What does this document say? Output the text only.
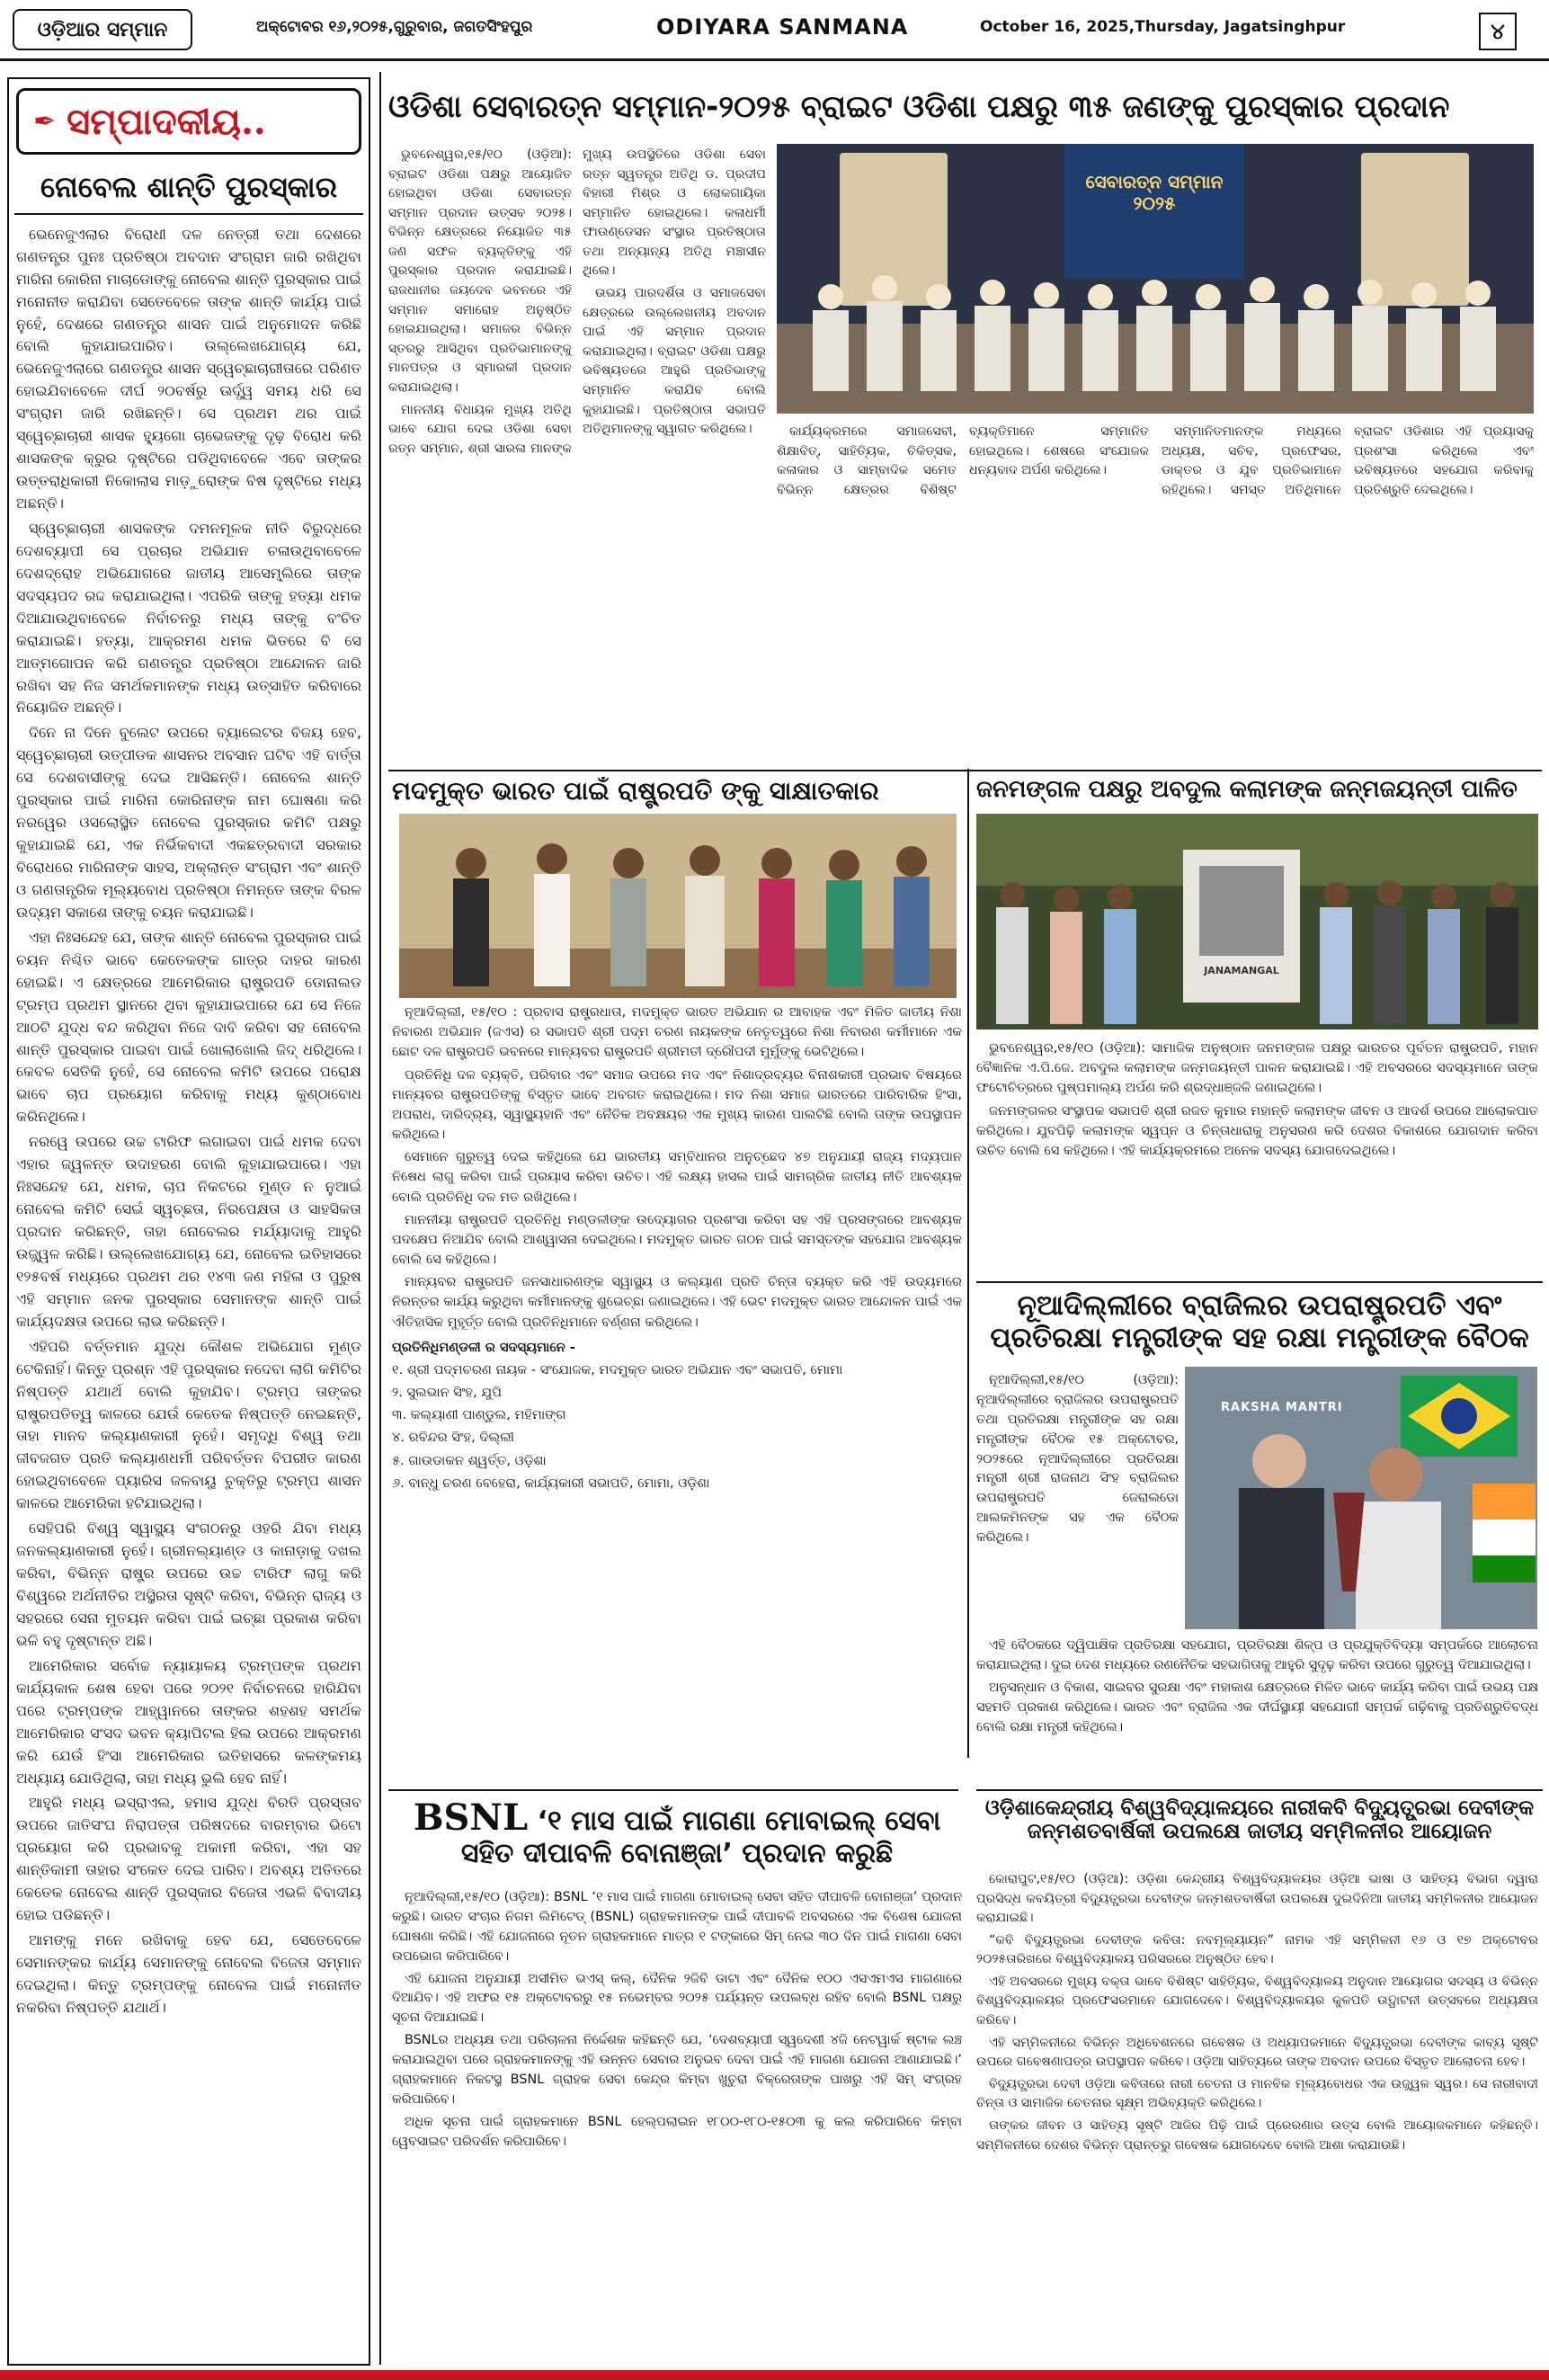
ଓଡ଼ିଆର ସମ୍ମାନ	ଅକ୍ଟୋବର ୧୬,୨୦୨୫,ଗୁରୁବାର, ଜଗତସିଂହପୁର	ODIYARA SANMANA	October 16, 2025,Thursday, Jagatsinghpur	୪
✒ ସମ୍ପାଦକୀୟ..
ନୋବେଲ ଶାନ୍ତି ପୁରସ୍କାର

ଭେନେଜୁଏଲାର ବିରୋଧୀ ଦଳ ନେତ୍ରୀ ତଥା ଦେଶରେ ଗଣତନ୍ତ୍ର ପୁନଃ ପ୍ରତିଷ୍ଠା ଅବଦାନ ସଂଗ୍ରାମ ଜାରି ରଖିଥିବା ମାରିନା କୋରିନା ମାଚାଡୋଙ୍କୁ ନୋବେଲ ଶାନ୍ତି ପୁରସ୍କାର ପାଇଁ ମନୋନୀତ କରାଯିବା ସେତେବେଳେ ତାଙ୍କ ଶାନ୍ତି କାର୍ଯ୍ୟ ପାଇଁ ନୁହେଁ, ଦେଶରେ ଗଣତନ୍ତ୍ର ଶାସନ ପାଇଁ ଅନୁମୋଦନ କରିଛି ବୋଲି କୁହାଯାଇପାରିବ। ଉଲ୍ଲେଖଯୋଗ୍ୟ ଯେ, ଭେନେଜୁଏଲାରେ ଗଣତନ୍ତ୍ର ଶାସନ ସ୍ୱେଚ୍ଛାଚାରୀତାରେ ପରିଣତ ହୋଇଯିବାବେଳେ ଦୀର୍ଘ ୨୦ବର୍ଷରୁ ଊର୍ଦ୍ଧ୍ୱ ସମୟ ଧରି ସେ ସଂଗ୍ରାମ ଜାରି ରଖିଛନ୍ତି। ସେ ପ୍ରଥମ ଥର ପାଇଁ ସ୍ୱେଚ୍ଛାଚାରୀ ଶାସକ ହ୍ୟୁଗୋ ଚାଭେଜଙ୍କୁ ଦୃଢ଼ ବିରୋଧ କରି ଶାସକଙ୍କ କ୍ରୁର ଦୃଷ୍ଟିରେ ପଡିଥିବାବେଳେ ଏବେ ତାଙ୍କର ଉତ୍ତରାଧିକାରୀ ନିକୋଲାସ ମାଡ଼ୁରୋଙ୍କ ବିଷ ଦୃଷ୍ଟିରେ ମଧ୍ୟ ଅଛନ୍ତି।

ସ୍ୱେଚ୍ଛାଚାରୀ ଶାସକଙ୍କ ଦମନମୂଳକ ନୀତି ବିରୁଦ୍ଧରେ ଦେଶବ୍ୟାପୀ ସେ ପ୍ରଚାର ଅଭିଯାନ ଚଳାଉଥିବାବେଳେ ଦେଶଦ୍ରୋହ ଅଭିଯୋଗରେ ଜାତୀୟ ଆସେମ୍ବ୍ଲିରେ ତାଙ୍କ ସଦସ୍ୟପଦ ରଦ୍ଦ କରାଯାଇଥିଲା। ଏପରିକି ତାଙ୍କୁ ହତ୍ୟା ଧମକ ଦିଆଯାଉଥିବାବେଳେ ନିର୍ବାଚନରୁ ମଧ୍ୟ ତାଙ୍କୁ ବଂଚିତ କରାଯାଇଛି। ହତ୍ୟା, ଆକ୍ରମଣ ଧମକ ଭିତରେ ବି ସେ ଆତ୍ମଗୋପନ କରି ଗଣତନ୍ତ୍ର ପ୍ରତିଷ୍ଠା ଆନ୍ଦୋଳନ ଜାରି ରଖିବା ସହ ନିଜ ସମର୍ଥକମାନଙ୍କ ମଧ୍ୟ ଉତ୍ସାହିତ କରିବାରେ ନିୟୋଜିତ ଅଛନ୍ତି।

ଦିନେ ନା ଦିନେ ବୁଲେଟ ଉପରେ ବ୍ୟାଲେଟର ବିଜୟ ହେବ, ସ୍ୱେଚ୍ଛାଚାରୀ ଉତ୍ପୀଡକ ଶାସନର ଅବସାନ ଘଟିବ ଏହି ବାର୍ତ୍ତା ସେ ଦେଶବାସୀଙ୍କୁ ଦେଇ ଆସିଛନ୍ତି। ନୋବେଲ ଶାନ୍ତି ପୁରସ୍କାର ପାଇଁ ମାରିନା କୋରିନାଙ୍କ ନାମ ଘୋଷଣା କରି ନରୱେର ଓସଲୋସ୍ଥିତ ନୋବେଲ ପୁରସ୍କାର କମିଟି ପକ୍ଷରୁ କୁହାଯାଇଛି ଯେ, ଏକ ନିର୍ଭିକବାଦୀ ଏକଛତ୍ରବାଦୀ ସରକାର ବିରୋଧରେ ମାରିନାଙ୍କ ସାହସ, ଅକ୍ଲାନ୍ତ ସଂଗ୍ରାମ ଏବଂ ଶାନ୍ତି ଓ ଗଣତାନ୍ତ୍ରିକ ମୂଲ୍ୟବୋଧ ପ୍ରତିଷ୍ଠା ନିମନ୍ତେ ତାଙ୍କ ବିରଳ ଉଦ୍ୟମ ସକାଶେ ତାଙ୍କୁ ଚୟନ କରାଯାଇଛି।

ଏହା ନିଃସନ୍ଦେହ ଯେ, ତାଙ୍କ ଶାନ୍ତି ନୋବେଲ ପୁରସ୍କାର ପାଇଁ ଚୟନ ନିଶ୍ଚିତ ଭାବେ କେତେକଙ୍କ ଗାତ୍ର ଦାହର କାରଣ ହୋଇଛି। ଏ କ୍ଷେତ୍ରରେ ଆମେରିକାର ରାଷ୍ଟ୍ରପତି ଡୋନାଲଡ ଟ୍ରମ୍ପ ପ୍ରଥମ ସ୍ଥାନରେ ଥିବା କୁହାଯାଇପାରେ ଯେ ସେ ନିଜେ ଆଠଟି ଯୁଦ୍ଧ ବନ୍ଦ କରିଥିବା ନିଜେ ଦାବି କରିବା ସହ ନୋବେଲ ଶାନ୍ତି ପୁରସ୍କାର ପାଇବା ପାଇଁ ଖୋଲାଖୋଲି ଜିଦ୍ ଧରିଥିଲେ। କେବଳ ସେତିକି ନୁହେଁ, ସେ ନୋବେଲ କମିଟି ଉପରେ ପରୋକ୍ଷ ଭାବେ ଚାପ ପ୍ରୟୋଗ କରିବାକୁ ମଧ୍ୟ କୁଣ୍ଠାବୋଧ କରିନଥିଲେ।

ନରୱେ ଉପରେ ଉଚ୍ଚ ଟାରିଫ ଲଗାଇବା ପାଇଁ ଧମକ ଦେବା ଏହାର ଜ୍ୱଳନ୍ତ ଉଦାହରଣ ବୋଲି କୁହାଯାଇପାରେ। ଏହା ନିଃସନ୍ଦେହ ଯେ, ଧମକ, ଚାପ ନିକଟରେ ମୁଣ୍ଡ ନ ନୁଆଇଁ ନୋବେଲ କମିଟି ସେଇଁ ସ୍ୱଚ୍ଛତା, ନିରପେକ୍ଷତା ଓ ସାହସିକତା ପ୍ରଦାନ କରିଛନ୍ତି, ତାହା ନୋବେଲର ମର୍ଯ୍ୟାଦାକୁ ଆହୁରି ଉଜ୍ଜ୍ୱଳ କରିଛି। ଉଲ୍ଲେଖଯୋଗ୍ୟ ଯେ, ନୋବେଲ ଇତିହାସରେ ୧୨୫ବର୍ଷ ମଧ୍ୟରେ ପ୍ରଥମ ଥର ୧୪୩ ଜଣ ମହିଳା ଓ ପୁରୁଷ ଏହି ସମ୍ମାନ ଜନକ ପୁରସ୍କାର ସେମାନଙ୍କ ଶାନ୍ତି ପାଇଁ କାର୍ଯ୍ୟଦକ୍ଷତା ଉପରେ ଲାଭ କରିଛନ୍ତି।

ଏହିପରି ବର୍ତ୍ତମାନ ଯୁଦ୍ଧ କୌଶଳ ଅଭିଯୋଗ ମୁଣ୍ଡ ଟେକିନାହିଁ। କିନ୍ତୁ ପ୍ରଶ୍ନ ଏହି ପୁରସ୍କାର ନଦେବା ଲାଗି କମିଟିର ନିଷ୍ପତ୍ତି ଯଥାର୍ଥ ବୋଲି କୁହାଯିବ। ଟ୍ରମ୍ପ ତାଙ୍କର ରାଷ୍ଟ୍ରପତିତ୍ୱ କାଳରେ ଯେଉଁ କେତେକ ନିଷ୍ପତ୍ତି ନେଇଛନ୍ତି, ତାହା ମାନବ କଲ୍ୟାଣକାରୀ ନୁହେଁ। ସମୃଦ୍ଧି ବିଶ୍ୱ ତଥା ଜୀବଜଗତ ପ୍ରତି କଲ୍ୟାଣଧର୍ମୀ ପରିବର୍ତ୍ତନ ବିପରୀତ କାରଣ ହୋଇଥିବାବେଳେ ପ୍ୟାରିସ ଜଳବାୟୁ ଚୁକ୍ତିରୁ ଟ୍ରମ୍ପ ଶାସନ କାଳରେ ଆମେରିକା ହଟିଯାଇଥିଲା।

ସେହିପରି ବିଶ୍ୱ ସ୍ୱାସ୍ଥ୍ୟ ସଂଗଠନରୁ ଓହରି ଯିବା ମଧ୍ୟ ଜନକଲ୍ୟାଣକାରୀ ନୁହେଁ। ଗ୍ରୀନଲ୍ୟାଣ୍ଡ ଓ କାନାଡ଼ାକୁ ଦଖଲ କରିବା, ବିଭିନ୍ନ ରାଷ୍ଟ୍ର ଉପରେ ଉଚ୍ଚ ଟାରିଫ ଲାଗୁ କରି ବିଶ୍ୱରେ ଅର୍ଥନୀତିର ଅସ୍ଥିରତା ସୃଷ୍ଟି କରିବା, ବିଭିନ୍ନ ରାଜ୍ୟ ଓ ସହରରେ ସେନା ମୁତୟନ କରିବା ପାଇଁ ଇଚ୍ଛା ପ୍ରକାଶ କରିବା ଭଳି ବହୁ ଦୃଷ୍ଟାନ୍ତ ଅଛି।

ଆମେରିକାର ସର୍ବୋଚ୍ଚ ନ୍ୟାୟାଳୟ ଟ୍ରମ୍ପଙ୍କ ପ୍ରଥମ କାର୍ଯ୍ୟକାଳ ଶେଷ ହେବା ପରେ ୨୦୨୧ ନିର୍ବାଚନରେ ହାରିଯିବା ପରେ ଟ୍ରମ୍ପଙ୍କ ଆହ୍ୱାନରେ ତାଙ୍କର ଶହଶହ ସମର୍ଥକ ଆମେରିକାର ସଂସଦ ଭବନ କ୍ୟାପିଟଲ ହିଲ ଉପରେ ଆକ୍ରମଣ କରି ଯେଉଁ ହିଂସା ଆମେରିକାର ଇତିହାସରେ କଳଙ୍କମୟ ଅଧ୍ୟାୟ ଯୋଡିଥିଲା, ତାହା ମଧ୍ୟ ଭୁଲି ହେବ ନାହିଁ।

ଆହୁରି ମଧ୍ୟ ଇସ୍ରାଏଲ, ହମାସ ଯୁଦ୍ଧ ବିରତି ପ୍ରସ୍ତାବ ଉପରେ ଜାତିସଂଘ ନିରାପତ୍ତା ପରିଷଦରେ ବାରମ୍ବାର ଭିଟୋ ପ୍ରୟୋଗ କରି ପ୍ରଭାବକୁ ଅକାମୀ କରିବା, ଏହା ସହ ଶାନ୍ତିକାମୀ ତାହାର ସଂକେତ ଦେଇ ପାରିବ। ଅବଶ୍ୟ ଅତିତରେ କେତେକ ନୋବେଲ ଶାନ୍ତି ପୁରସ୍କାର ବିଜେତା ଏଭଳି ବିବାଦୀୟ ହୋଇ ପଡିଛନ୍ତି।

ଆମଙ୍କୁ ମନେ ରଖିବାକୁ ହେବ ଯେ, ସେତେବେଳେ ସେମାନଙ୍କର କାର୍ଯ୍ୟ ସେମାନଙ୍କୁ ନୋବେଲ ବିଜେତା ସମ୍ମାନ ଦେଇଥିଲା। କିନ୍ତୁ ଟ୍ରମ୍ପଙ୍କୁ ନୋବେଲ ପାଇଁ ମନୋନୀତ ନକରିବା ନିଷ୍ପତ୍ତି ଯଥାର୍ଥ।

ଓଡିଶା ସେବାରତ୍ନ ସମ୍ମାନ-୨୦୨୫ ବ୍ରାଇଟ ଓଡିଶା ପକ୍ଷରୁ ୩୫ ଜଣଙ୍କୁ ପୁରସ୍କାର ପ୍ରଦାନ

ଭୁବନେଶ୍ୱର,୧୫/୧୦ (ଓଡ଼ିଆ): ବ୍ରାଇଟ ଓଡିଶା ପକ୍ଷରୁ ଆୟୋଜିତ ହୋଇଥିବା ଓଡିଶା ସେବାରତ୍ନ ସମ୍ମାନ ପ୍ରଦାନ ଉତ୍ସବ ୨୦୨୫। ବିଭିନ୍ନ କ୍ଷେତ୍ରରେ ନିୟୋଜିତ ୩୫ ଜଣ ସଫଳ ବ୍ୟକ୍ତିଙ୍କୁ ଏହି ପୁରସ୍କାର ପ୍ରଦାନ କରାଯାଇଛି। ରାଜଧାନୀର ଜୟଦେବ ଭବନରେ ଏହି ସମ୍ମାନ ସମାରୋହ ଅନୁଷ୍ଠିତ ହୋଇଯାଇଥିଲା। ସମାଜର ବିଭିନ୍ନ ସ୍ତରରୁ ଆସିଥିବା ପ୍ରତିଭାମାନଙ୍କୁ ମାନପତ୍ର ଓ ସ୍ମାରକୀ ପ୍ରଦାନ କରାଯାଇଥିଲା।

ମାନନୀୟ ବିଧାୟକ ମୁଖ୍ୟ ଅତିଥି ଭାବେ ଯୋଗ ଦେଇ ଓଡିଶା ସେବା ରତ୍ନ ସମ୍ମାନ, ଶ୍ରୀ ସାରଳା ମାନଙ୍କ ମୁଖ୍ୟ ଉପସ୍ଥିତିରେ ଓଡିଶା ସେବା ରତ୍ନ ସ୍ୱତନ୍ତ୍ର ଅତିଥି ଡ. ପ୍ରଦୀପ ବିହାରୀ ମିଶ୍ର ଓ ଲୋକଗାୟିକା ସମ୍ମାନିତ ହୋଇଥିଲେ। କଳାଧର୍ମୀ ଫାଉଣ୍ଡେସନ ସଂସ୍ଥାର ପ୍ରତିଷ୍ଠାତା ତଥା ଅନ୍ୟାନ୍ୟ ଅତିଥି ମଞ୍ଚାସୀନ ଥିଲେ।

ଉଭୟ ପାରଦର୍ଶିତା ଓ ସମାଜସେବା କ୍ଷେତ୍ରରେ ଉଲ୍ଲେଖନୀୟ ଅବଦାନ ପାଇଁ ଏହି ସମ୍ମାନ ପ୍ରଦାନ କରାଯାଇଥିଲା। ବ୍ରାଇଟ ଓଡିଶା ପକ୍ଷରୁ ଭବିଷ୍ୟତରେ ଆହୁରି ପ୍ରତିଭାଙ୍କୁ ସମ୍ମାନିତ କରାଯିବ ବୋଲି କୁହାଯାଇଛି। ପ୍ରତିଷ୍ଠାତା ସଭାପତି ଅତିଥିମାନଙ୍କୁ ସ୍ୱାଗତ କରିଥିଲେ।

ସେବାରତ୍ନ ସମ୍ମାନ ୨୦୨୫

କାର୍ଯ୍ୟକ୍ରମରେ ସମାଜସେବୀ, ଶିକ୍ଷାବିତ୍, ସାହିତ୍ୟିକ, ଚିକିତ୍ସକ, କଳାକାର ଓ ସାମ୍ବାଦିକ ସମେତ ବିଭିନ୍ନ କ୍ଷେତ୍ରର ବିଶିଷ୍ଟ ବ୍ୟକ୍ତିମାନେ ସମ୍ମାନିତ ହୋଇଥିଲେ। ଶେଷରେ ସଂଯୋଜକ ଧନ୍ୟବାଦ ଅର୍ପଣ କରିଥିଲେ।

ସମ୍ମାନିତମାନଙ୍କ ମଧ୍ୟରେ ଅଧ୍ୟକ୍ଷ, ସଚିବ, ପ୍ରଫେସର, ଡାକ୍ତର ଓ ଯୁବ ପ୍ରତିଭାମାନେ ରହିଥିଲେ। ସମସ୍ତ ଅତିଥିମାନେ ବ୍ରାଇଟ ଓଡିଶାର ଏହି ପ୍ରୟାସକୁ ପ୍ରଶଂସା କରିଥିଲେ ଏବଂ ଭବିଷ୍ୟତରେ ସହଯୋଗ କରିବାକୁ ପ୍ରତିଶ୍ରୁତି ଦେଇଥିଲେ।

ମଦମୁକ୍ତ ଭାରତ ପାଇଁ ରାଷ୍ଟ୍ରପତି ଙ୍କୁ ସାକ୍ଷାତକାର

ନୂଆଦିଲ୍ଲୀ, ୧୫/୧୦ : ପ୍ରବାସ ରାଷ୍ଟ୍ରଧାତା, ମଦମୁକ୍ତ ଭାରତ ଅଭିଯାନ ର ଆବାହକ ଏବଂ ମିଳିତ ଜାତୀୟ ନିଶା ନିବାରଣ ଅଭିଯାନ (ଜଏସ) ର ସଭାପତି ଶ୍ରୀ ପଦ୍ମ ଚରଣ ନାୟକଙ୍କ ନେତୃତ୍ୱରେ ନିଶା ନିବାରଣ କର୍ମୀମାନେ ଏକ ଛୋଟ ଦଳ ରାଷ୍ଟ୍ରପତି ଭବନରେ ମାନ୍ୟବର ରାଷ୍ଟ୍ରପତି ଶ୍ରୀମତୀ ଦ୍ରୌପଦୀ ମୁର୍ମୁଙ୍କୁ ଭେଟିଥିଲେ।

ପ୍ରତିନିଧି ଦଳ ବ୍ୟକ୍ତି, ପରିବାର ଏବଂ ସମାଜ ଉପରେ ମଦ ଏବଂ ନିଶାଦ୍ରବ୍ୟର ବିନାଶକାରୀ ପ୍ରଭାବ ବିଷୟରେ ମାନ୍ୟବର ରାଷ୍ଟ୍ରପତିଙ୍କୁ ବିସ୍ତୃତ ଭାବେ ଅବଗତ କରାଇଥିଲେ। ମଦ ନିଶା ସମାଜ ଭାରତରେ ପାରିବାରିକ ହିଂସା, ଅପରାଧ, ଦାରିଦ୍ର୍ୟ, ସ୍ୱାସ୍ଥ୍ୟହାନି ଏବଂ ନୈତିକ ଅବକ୍ଷୟର ଏକ ମୁଖ୍ୟ କାରଣ ପାଲଟିଛି ବୋଲି ତାଙ୍କ ଉପସ୍ଥାପନ କରିଥିଲେ।

ସେମାନେ ଗୁରୁତ୍ୱ ଦେଇ କହିଥିଲେ ଯେ ଭାରତୀୟ ସମ୍ବିଧାନର ଅନୁଚ୍ଛେଦ ୪୭ ଅନୁଯାୟୀ ରାଜ୍ୟ ମଦ୍ୟପାନ ନିଷେଧ ଲାଗୁ କରିବା ପାଇଁ ପ୍ରୟାସ କରିବା ଉଚିତ। ଏହି ଲକ୍ଷ୍ୟ ହାସଲ ପାଇଁ ସାମଗ୍ରିକ ଜାତୀୟ ନୀତି ଆବଶ୍ୟକ ବୋଲି ପ୍ରତିନିଧି ଦଳ ମତ ରଖିଥିଲେ।

ମାନନୀୟା ରାଷ୍ଟ୍ରପତି ପ୍ରତିନିଧି ମଣ୍ଡଳୀଙ୍କ ଉଦ୍ୟୋଗର ପ୍ରଶଂସା କରିବା ସହ ଏହି ପ୍ରସଙ୍ଗରେ ଆବଶ୍ୟକ ପଦକ୍ଷେପ ନିଆଯିବ ବୋଲି ଆଶ୍ୱାସନା ଦେଇଥିଲେ। ମଦମୁକ୍ତ ଭାରତ ଗଠନ ପାଇଁ ସମସ୍ତଙ୍କ ସହଯୋଗ ଆବଶ୍ୟକ ବୋଲି ସେ କହିଥିଲେ।

ମାନ୍ୟବର ରାଷ୍ଟ୍ରପତି ଜନସାଧାରଣଙ୍କ ସ୍ୱାସ୍ଥ୍ୟ ଓ କଲ୍ୟାଣ ପ୍ରତି ଚିନ୍ତା ବ୍ୟକ୍ତ କରି ଏହି ଉଦ୍ୟମରେ ନିରନ୍ତର କାର୍ଯ୍ୟ କରୁଥିବା କର୍ମୀମାନଙ୍କୁ ଶୁଭେଚ୍ଛା ଜଣାଇଥିଲେ। ଏହି ଭେଟ ମଦମୁକ୍ତ ଭାରତ ଆନ୍ଦୋଳନ ପାଇଁ ଏକ ଐତିହାସିକ ମୁହୂର୍ତ୍ତ ବୋଲି ପ୍ରତିନିଧିମାନେ ବର୍ଣ୍ଣନା କରିଥିଲେ।

ପ୍ରତିନିଧିମଣ୍ଡଳୀ ର ସଦସ୍ୟମାନେ -

୧. ଶ୍ରୀ ପଦ୍ମଚରଣ ନାୟକ - ସଂଯୋଜକ, ମଦମୁକ୍ତ ଭାରତ ଅଭିଯାନ ଏବଂ ସଭାପତି, ମୋମା

୨. ସୁଲଭାନ ସିଂହ, ଯୁପି

୩. କଲ୍ୟାଣୀ ପାଣ୍ଡୁଲ, ମହିମାଙ୍ଗ

୪. ରବିନ୍ଦର ସିଂହ, ଦିଲ୍ଲୀ

୫. ଗାଉଡାକନ ଶ୍ୱର୍ତ୍ତ, ଓଡ଼ିଶା

୬. ବାନ୍ଧୁ ଚରଣ ବେହେରା, କାର୍ଯ୍ୟକାରୀ ସଭାପତି, ମୋମା, ଓଡ଼ିଶା

ଜନମଙ୍ଗଳ ପକ୍ଷରୁ ଅବଦୁଲ କଲାମଙ୍କ ଜନ୍ମଜୟନ୍ତୀ ପାଳିତ
JANAMANGAL

ଭୁବନେଶ୍ୱର,୧୫/୧୦ (ଓଡ଼ିଆ): ସାମାଜିକ ଅନୁଷ୍ଠାନ ଜନମଙ୍ଗଳ ପକ୍ଷରୁ ଭାରତର ପୂର୍ବତନ ରାଷ୍ଟ୍ରପତି, ମହାନ ବୈଜ୍ଞାନିକ ଏ.ପି.ଜେ. ଅବଦୁଲ କଲାମଙ୍କ ଜନ୍ମଜୟନ୍ତୀ ପାଳନ କରାଯାଇଛି। ଏହି ଅବସରରେ ସଦସ୍ୟମାନେ ତାଙ୍କ ଫଟୋଚିତ୍ରରେ ପୁଷ୍ପମାଲ୍ୟ ଅର୍ପଣ କରି ଶ୍ରଦ୍ଧାଞ୍ଜଳି ଜଣାଇଥିଲେ।

ଜନମଙ୍ଗଳର ସଂସ୍ଥାପକ ସଭାପତି ଶ୍ରୀ ରଜତ କୁମାର ମହାନ୍ତି କଲାମଙ୍କ ଜୀବନ ଓ ଆଦର୍ଶ ଉପରେ ଆଲୋକପାତ କରିଥିଲେ। ଯୁବପିଢ଼ି କଲାମଙ୍କ ସ୍ୱପ୍ନ ଓ ଚିନ୍ତାଧାରାକୁ ଅନୁସରଣ କରି ଦେଶର ବିକାଶରେ ଯୋଗଦାନ କରିବା ଉଚିତ ବୋଲି ସେ କହିଥିଲେ। ଏହି କାର୍ଯ୍ୟକ୍ରମରେ ଅନେକ ସଦସ୍ୟ ଯୋଗଦେଇଥିଲେ।

ନୂଆଦିଲ୍ଲୀରେ ବ୍ରାଜିଲର ଉପରାଷ୍ଟ୍ରପତି ଏବଂ ପ୍ରତିରକ୍ଷା ମନ୍ତ୍ରୀଙ୍କ ସହ ରକ୍ଷା ମନ୍ତ୍ରୀଙ୍କ ବୈଠକ

ନୂଆଦିଲ୍ଲୀ,୧୫/୧୦ (ଓଡ଼ିଆ): ନୂଆଦିଲ୍ଲୀରେ ବ୍ରାଜିଲର ଉପରାଷ୍ଟ୍ରପତି ତଥା ପ୍ରତିରକ୍ଷା ମନ୍ତ୍ରୀଙ୍କ ସହ ରକ୍ଷା ମନ୍ତ୍ରୀଙ୍କ ବୈଠକ ୧୫ ଅକ୍ଟୋବର, ୨୦୨୫ରେ ନୂଆଦିଲ୍ଲୀରେ ପ୍ରତିରକ୍ଷା ମନ୍ତ୍ରୀ ଶ୍ରୀ ରାଜନାଥ ସିଂହ ବ୍ରାଜିଲର ଉପରାଷ୍ଟ୍ରପତି ଜେରାଲଡୋ ଆଲକମିନଙ୍କ ସହ ଏକ ବୈଠକ କରିଥିଲେ।

RAKSHA MANTRI

ଏହି ବୈଠକରେ ଦ୍ୱିପାକ୍ଷିକ ପ୍ରତିରକ୍ଷା ସହଯୋଗ, ପ୍ରତିରକ୍ଷା ଶିଳ୍ପ ଓ ପ୍ରଯୁକ୍ତିବିଦ୍ୟା ସମ୍ପର୍କରେ ଆଲୋଚନା କରାଯାଇଥିଲା। ଦୁଇ ଦେଶ ମଧ୍ୟରେ ରଣନୈତିକ ସହଭାଗିତାକୁ ଆହୁରି ସୁଦୃଢ଼ କରିବା ଉପରେ ଗୁରୁତ୍ୱ ଦିଆଯାଇଥିଲା।

ଅନୁସନ୍ଧାନ ଓ ବିକାଶ, ସାଇବର ସୁରକ୍ଷା ଏବଂ ମହାକାଶ କ୍ଷେତ୍ରରେ ମିଳିତ ଭାବେ କାର୍ଯ୍ୟ କରିବା ପାଇଁ ଉଭୟ ପକ୍ଷ ସହମତି ପ୍ରକାଶ କରିଥିଲେ। ଭାରତ ଏବଂ ବ୍ରାଜିଲ ଏକ ଦୀର୍ଘସ୍ଥାୟୀ ସହଯୋଗୀ ସମ୍ପର୍କ ଗଢ଼ିବାକୁ ପ୍ରତିଶ୍ରୁତିବଦ୍ଧ ବୋଲି ରକ୍ଷା ମନ୍ତ୍ରୀ କହିଥିଲେ।

BSNL ‘୧ ମାସ ପାଇଁ ମାଗଣା ମୋବାଇଲ୍ ସେବା ସହିତ ଦୀପାବଳି ବୋନାଞ୍ଜା’ ପ୍ରଦାନ କରୁଛି

ନୂଆଦିଲ୍ଲୀ,୧୫/୧୦ (ଓଡ଼ିଆ): BSNL ‘୧ ମାସ ପାଇଁ ମାଗଣା ମୋବାଇଲ୍ ସେବା ସହିତ ଦୀପାବଳି ବୋନାଞ୍ଜା’ ପ୍ରଦାନ କରୁଛି। ଭାରତ ସଂଚାର ନିଗମ ଲିମିଟେଡ୍ (BSNL) ଗ୍ରାହକମାନଙ୍କ ପାଇଁ ଦୀପାବଳି ଅବସରରେ ଏକ ବିଶେଷ ଯୋଜନା ଘୋଷଣା କରିଛି। ଏହି ଯୋଜନାରେ ନୂତନ ଗ୍ରାହକମାନେ ମାତ୍ର ୧ ଟଙ୍କାରେ ସିମ୍ ନେଇ ୩୦ ଦିନ ପାଇଁ ମାଗଣା ସେବା ଉପଭୋଗ କରିପାରିବେ।

ଏହି ଯୋଜନା ଅନୁଯାୟୀ ଅସୀମିତ ଭଏସ୍ କଲ୍, ଦୈନିକ ୨ଜିବି ଡାଟା ଏବଂ ଦୈନିକ ୧୦୦ ଏସଏମଏସ ମାଗଣାରେ ଦିଆଯିବ। ଏହି ଅଫର ୧୫ ଅକ୍ଟୋବରରୁ ୧୫ ନଭେମ୍ବର ୨୦୨୫ ପର୍ଯ୍ୟନ୍ତ ଉପଲବ୍ଧ ରହିବ ବୋଲି BSNL ପକ୍ଷରୁ ସୂଚନା ଦିଆଯାଇଛି।

BSNLର ଅଧ୍ୟକ୍ଷ ତଥା ପରିଚାଳନା ନିର୍ଦ୍ଦେଶକ କହିଛନ୍ତି ଯେ, ‘ଦେଶବ୍ୟାପୀ ସ୍ୱଦେଶୀ ୪ଜି ନେଟୱାର୍କ ଷ୍ଟାକ ଲଞ୍ଚ କରାଯାଇଥିବା ପରେ ଗ୍ରାହକମାନଙ୍କୁ ଏହି ଉନ୍ନତ ସେବାର ଅନୁଭବ ଦେବା ପାଇଁ ଏହି ମାଗଣା ଯୋଜନା ଆଣାଯାଇଛି।’ ଗ୍ରାହକମାନେ ନିକଟସ୍ଥ BSNL ଗ୍ରାହକ ସେବା କେନ୍ଦ୍ର କିମ୍ବା ଖୁଚୁରା ବିକ୍ରେତାଙ୍କ ପାଖରୁ ଏହି ସିମ୍ ସଂଗ୍ରହ କରିପାରିବେ।

ଅଧିକ ସୂଚନା ପାଇଁ ଗ୍ରାହକମାନେ BSNL ହେଲ୍ପଲାଇନ ୧୮୦୦-୧୮୦-୧୫୦୩ କୁ କଲ କରିପାରିବେ କିମ୍ବା ୱେବସାଇଟ ପରିଦର୍ଶନ କରିପାରିବେ।

ଓଡ଼ିଶାକେନ୍ଦ୍ରୀୟ ବିଶ୍ୱବିଦ୍ୟାଳୟରେ ନାରୀକବି ବିଦ୍ୟୁତ୍ପ୍ରଭା ଦେବୀଙ୍କ ଜନ୍ମଶତବାର୍ଷିକୀ ଉପଲକ୍ଷେ ଜାତୀୟ ସମ୍ମିଳନୀର ଆୟୋଜନ

କୋରାପୁଟ,୧୫/୧୦ (ଓଡ଼ିଆ): ଓଡ଼ିଶା କେନ୍ଦ୍ରୀୟ ବିଶ୍ୱବିଦ୍ୟାଳୟର ଓଡ଼ିଆ ଭାଷା ଓ ସାହିତ୍ୟ ବିଭାଗ ଦ୍ୱାରା ପ୍ରସିଦ୍ଧ କବୟିତ୍ରୀ ବିଦ୍ୟୁତ୍ପ୍ରଭା ଦେବୀଙ୍କ ଜନ୍ମଶତବାର୍ଷିକୀ ଉପଲକ୍ଷେ ଦୁଇଦିନିଆ ଜାତୀୟ ସମ୍ମିଳନୀର ଆୟୋଜନ କରାଯାଇଛି।

“କବି ବିଦ୍ୟୁତ୍ପ୍ରଭା ଦେବୀଙ୍କ କବିତା: ନବମୂଲ୍ୟାୟନ” ନାମକ ଏହି ସମ୍ମିଳନୀ ୧୬ ଓ ୧୭ ଅକ୍ଟୋବର ୨୦୨୫ତାରିଖରେ ବିଶ୍ୱବିଦ୍ୟାଳୟ ପରିସରରେ ଅନୁଷ୍ଠିତ ହେବ।

ଏହି ଅବସରରେ ମୁଖ୍ୟ ବକ୍ତା ଭାବେ ବିଶିଷ୍ଟ ସାହିତ୍ୟିକ, ବିଶ୍ୱବିଦ୍ୟାଳୟ ଅନୁଦାନ ଆୟୋଗର ସଦସ୍ୟ ଓ ବିଭିନ୍ନ ବିଶ୍ୱବିଦ୍ୟାଳୟର ପ୍ରଫେସରମାନେ ଯୋଗଦେବେ। ବିଶ୍ୱବିଦ୍ୟାଳୟର କୁଳପତି ଉଦ୍ଘାଟନୀ ଉତ୍ସବରେ ଅଧ୍ୟକ୍ଷତା କରିବେ।

ଏହି ସମ୍ମିଳନୀରେ ବିଭିନ୍ନ ଅଧିବେଶନରେ ଗବେଷକ ଓ ଅଧ୍ୟାପକମାନେ ବିଦ୍ୟୁତ୍ପ୍ରଭା ଦେବୀଙ୍କ କାବ୍ୟ ସୃଷ୍ଟି ଉପରେ ଗବେଷଣାପତ୍ର ଉପସ୍ଥାପନ କରିବେ। ଓଡ଼ିଆ ସାହିତ୍ୟରେ ତାଙ୍କ ଅବଦାନ ଉପରେ ବିସ୍ତୃତ ଆଲୋଚନା ହେବ।

ବିଦ୍ୟୁତ୍ପ୍ରଭା ଦେବୀ ଓଡ଼ିଆ କବିତାରେ ନାରୀ ଚେତନା ଓ ମାନବିକ ମୂଲ୍ୟବୋଧର ଏକ ଉଜ୍ଜ୍ୱଳ ସ୍ୱର। ସେ ନାରୀବାଦୀ ଚିନ୍ତା ଓ ସାମାଜିକ ଚେତନାର ସୂକ୍ଷ୍ମ ଅଭିବ୍ୟକ୍ତି କରିଥିଲେ।

ତାଙ୍କର ଜୀବନ ଓ ସାହିତ୍ୟ ସୃଷ୍ଟି ଆଜିର ପିଢ଼ି ପାଇଁ ପ୍ରେରଣାର ଉତ୍ସ ବୋଲି ଆୟୋଜକମାନେ କହିଛନ୍ତି। ସମ୍ମିଳନୀରେ ଦେଶର ବିଭିନ୍ନ ପ୍ରାନ୍ତରୁ ଗବେଷକ ଯୋଗଦେବେ ବୋଲି ଆଶା କରାଯାଉଛି।
